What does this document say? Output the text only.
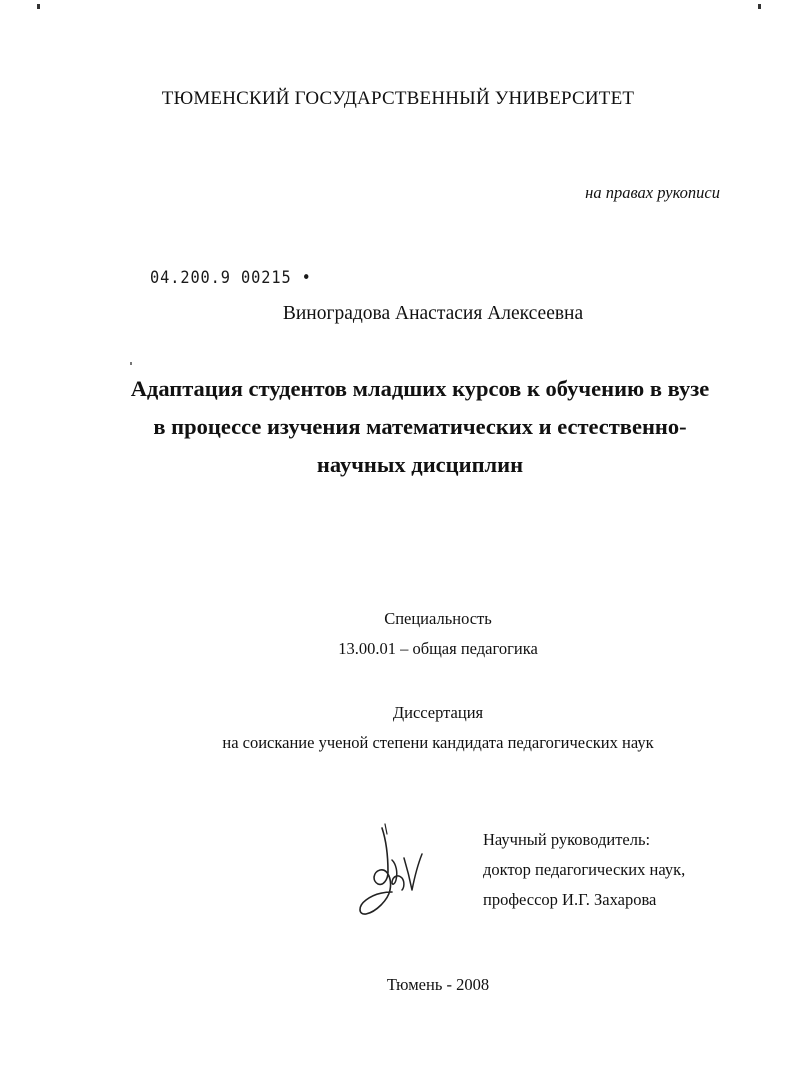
ТЮМЕНСКИЙ ГОСУДАРСТВЕННЫЙ УНИВЕРСИТЕТ
на правах рукописи
04.200.9 00215 •
Виноградова Анастасия Алексеевна
Адаптация студентов младших курсов к обучению в вузе
в процессе изучения математических и естественно-
научных дисциплин
Специальность
13.00.01 – общая педагогика
Диссертация
на соискание ученой степени кандидата педагогических наук
Научный руководитель:
доктор педагогических наук,
профессор И.Г. Захарова
Тюмень - 2008
